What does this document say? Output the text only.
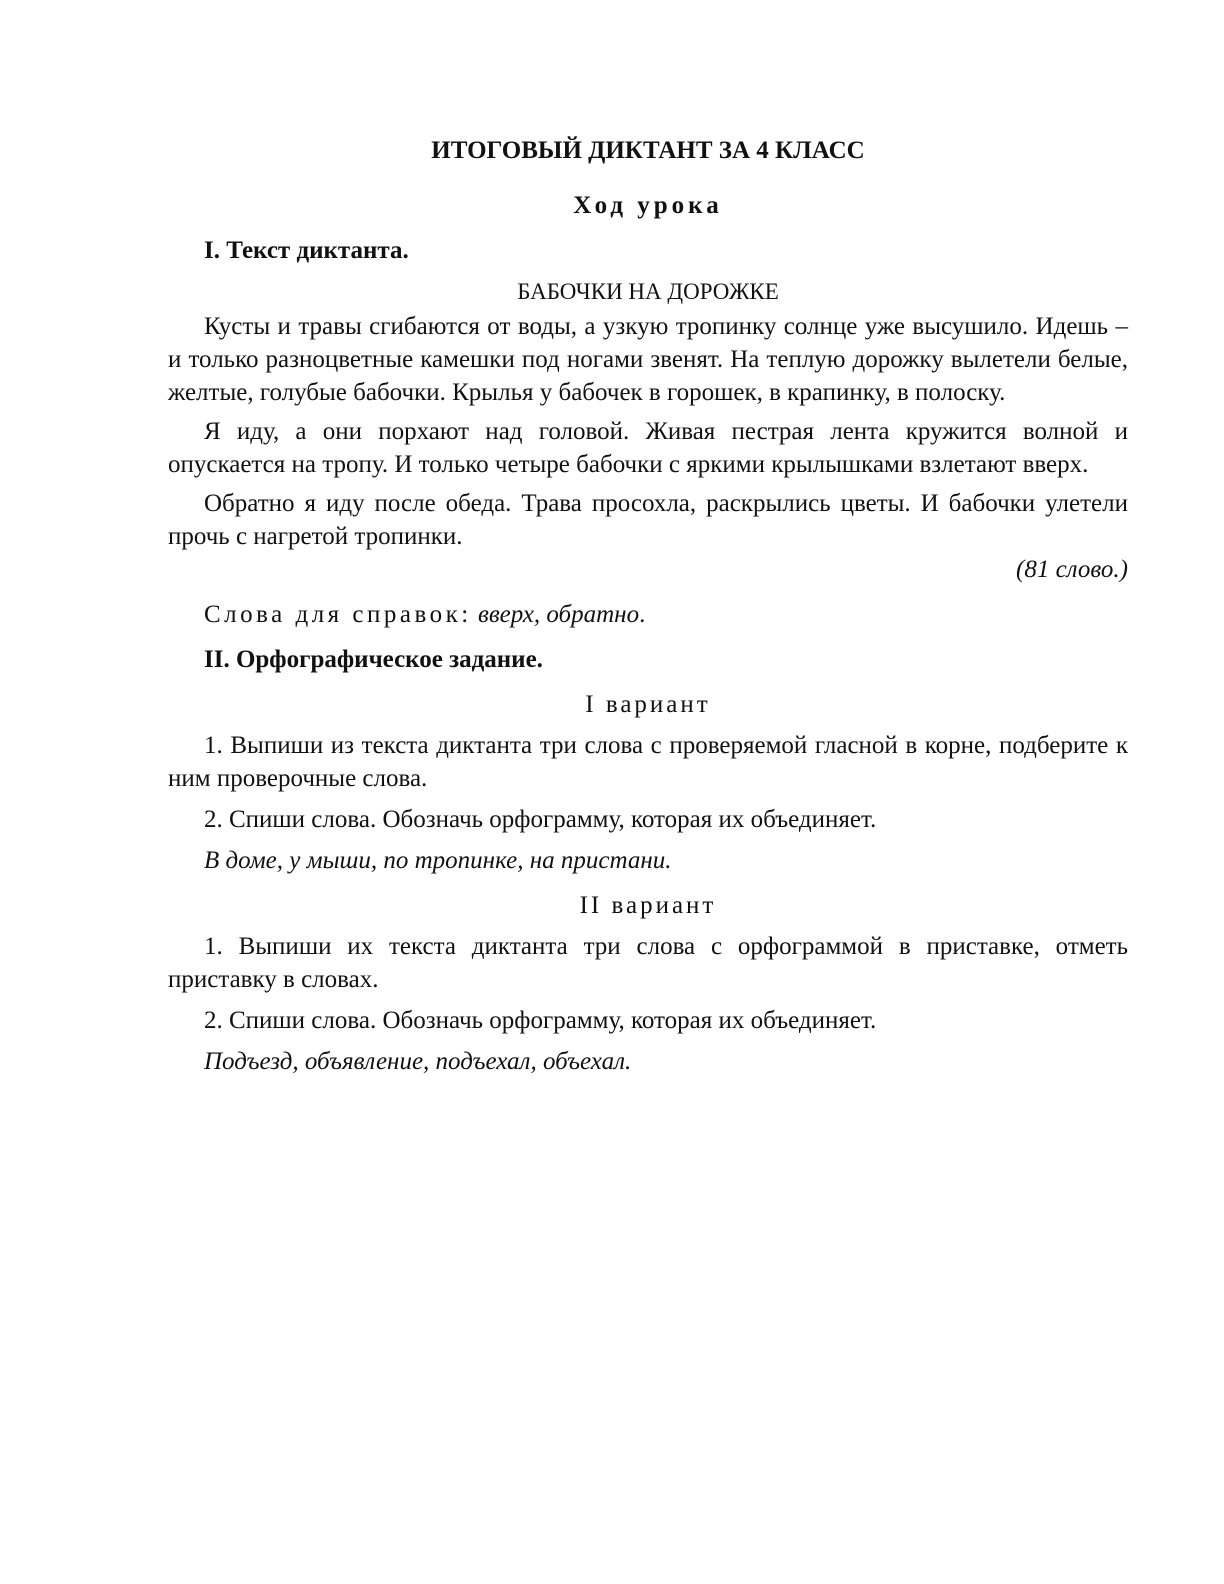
ИТОГОВЫЙ ДИКТАНТ ЗА 4 КЛАСС

Ход урока

I. Текст диктанта.

БАБОЧКИ НА ДОРОЖКЕ

Кусты и травы сгибаются от воды, а узкую тропинку солнце уже высушило. Идешь – и только разноцветные камешки под ногами звенят. На теплую дорожку вылетели белые, желтые, голубые бабочки. Крылья у бабочек в горошек, в крапинку, в полоску.

Я иду, а они порхают над головой. Живая пестрая лента кружится волной и опускается на тропу. И только четыре бабочки с яркими крылышками взлетают вверх.

Обратно я иду после обеда. Трава просохла, раскрылись цветы. И бабочки улетели прочь с нагретой тропинки.

(81 слово.)

Слова для справок: вверх, обратно.

II. Орфографическое задание.

I вариант

1. Выпиши из текста диктанта три слова с проверяемой гласной в корне, подберите к ним проверочные слова.

2. Спиши слова. Обозначь орфограмму, которая их объединяет.

В доме, у мыши, по тропинке, на пристани.

II вариант

1. Выпиши их текста диктанта три слова с орфограммой в приставке, отметь приставку в словах.

2. Спиши слова. Обозначь орфограмму, которая их объединяет.

Подъезд, объявление, подъехал, объехал.
